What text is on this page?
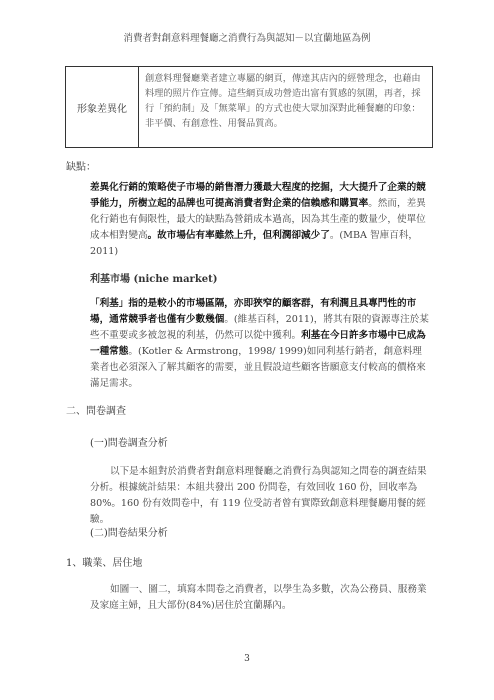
消費者對創意料理餐廳之消費行為與認知－以宜蘭地區為例
形象差異化
創意料理餐廳業者建立專屬的網頁，傳達其店內的經營理念，也藉由料理的照片作宣傳。這些網頁成功營造出富有質感的氛圍，再者，採行「預約制」及「無菜單」的方式也使大眾加深對此種餐廳的印象：非平價、有創意性、用餐品質高。
缺點：
差異化行銷的策略使子市場的銷售潛力獲最大程度的挖掘，大大提升了企業的競爭能力，所樹立起的品牌也可提高消費者對企業的信賴感和購買率。然而，差異化行銷也有侷限性，最大的缺點為營銷成本過高，因為其生產的數量少，使單位成本相對變高。故市場佔有率雖然上升，但利潤卻減少了。(MBA 智庫百科，2011)
利基市場 (niche market)
「利基」指的是較小的市場區隔，亦即狹窄的顧客群，有利潤且具專門性的市場，通常競爭者也僅有少數幾個。(維基百科，2011)，將其有限的資源專注於某些不重要或多被忽視的利基，仍然可以從中獲利。利基在今日許多市場中已成為一種常態。(Kotler & Armstrong，1998/ 1999)如同利基行銷者，創意料理業者也必須深入了解其顧客的需要，並且假設這些顧客皆願意支付較高的價格來滿足需求。
二、問卷調查
(一)問卷調查分析
以下是本組對於消費者對創意料理餐廳之消費行為與認知之問卷的調查結果分析。根據統計結果：本組共發出 200 份問卷，有效回收 160 份，回收率為 80%。160 份有效問卷中，有 119 位受訪者曾有實際致創意料理餐廳用餐的經驗。
(二)問卷結果分析
1、職業、居住地
如圖一、圖二，填寫本問卷之消費者，以學生為多數，次為公務員、服務業及家庭主婦，且大部份(84%)居住於宜蘭縣內。
3
